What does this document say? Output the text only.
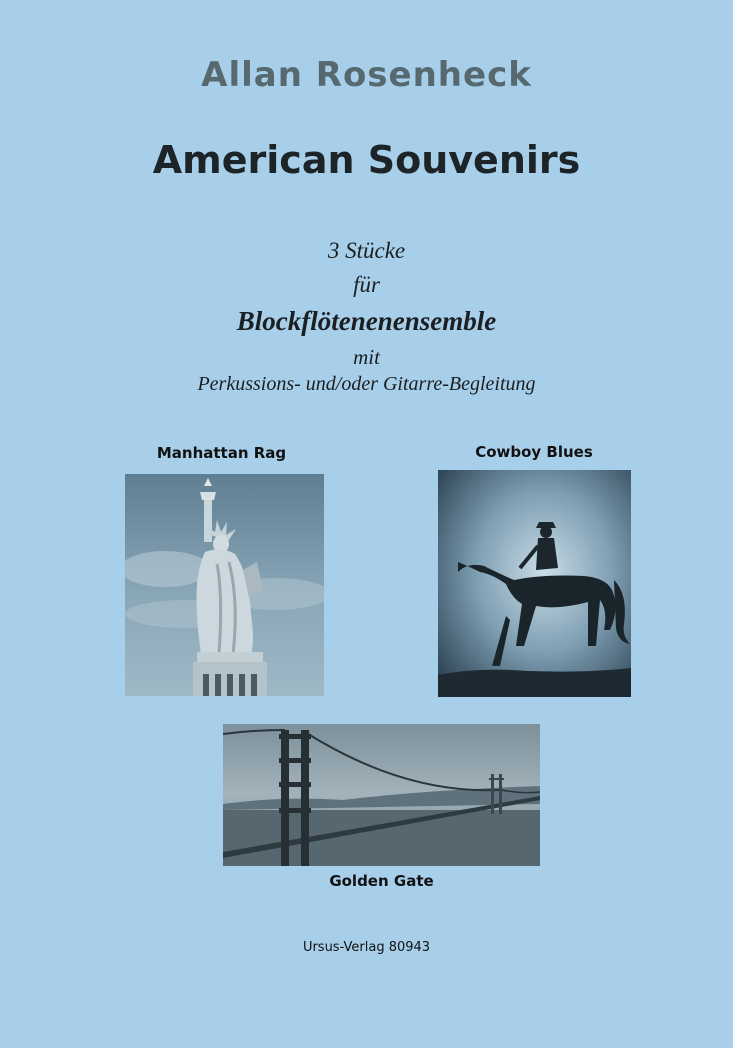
Allan Rosenheck
American Souvenirs
3 Stücke
für
Blockflötenenensemble
mit
Perkussions- und/oder Gitarre-Begleitung
Manhattan Rag	Cowboy Blues
Golden Gate
Ursus-Verlag 80943
